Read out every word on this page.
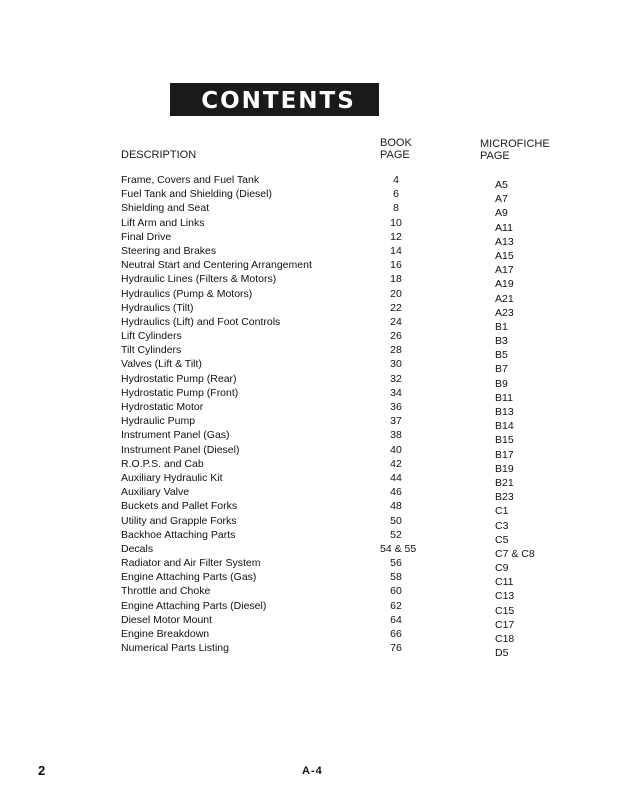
CONTENTS
DESCRIPTION
BOOK
PAGE
MICROFICHE
PAGE
Frame, Covers and Fuel Tank	4	A5
Fuel Tank and Shielding (Diesel)	6	A7
Shielding and Seat	8	A9
Lift Arm and Links	10	A11
Final Drive	12	A13
Steering and Brakes	14	A15
Neutral Start and Centering Arrangement	16	A17
Hydraulic Lines (Filters & Motors)	18	A19
Hydraulics (Pump & Motors)	20	A21
Hydraulics (Tilt)	22	A23
Hydraulics (Lift) and Foot Controls	24	B1
Lift Cylinders	26	B3
Tilt Cylinders	28	B5
Valves (Lift & Tilt)	30	B7
Hydrostatic Pump (Rear)	32	B9
Hydrostatic Pump (Front)	34	B11
Hydrostatic Motor	36	B13
Hydraulic Pump	37	B14
Instrument Panel (Gas)	38	B15
Instrument Panel (Diesel)	40	B17
R.O.P.S. and Cab	42	B19
Auxiliary Hydraulic Kit	44	B21
Auxiliary Valve	46	B23
Buckets and Pallet Forks	48	C1
Utility and Grapple Forks	50	C3
Backhoe Attaching Parts	52	C5
Decals	54 & 55	C7 & C8
Radiator and Air Filter System	56	C9
Engine Attaching Parts (Gas)	58	C11
Throttle and Choke	60	C13
Engine Attaching Parts (Diesel)	62	C15
Diesel Motor Mount	64	C17
Engine Breakdown	66	C18
Numerical Parts Listing	76	D5
2	A-4
